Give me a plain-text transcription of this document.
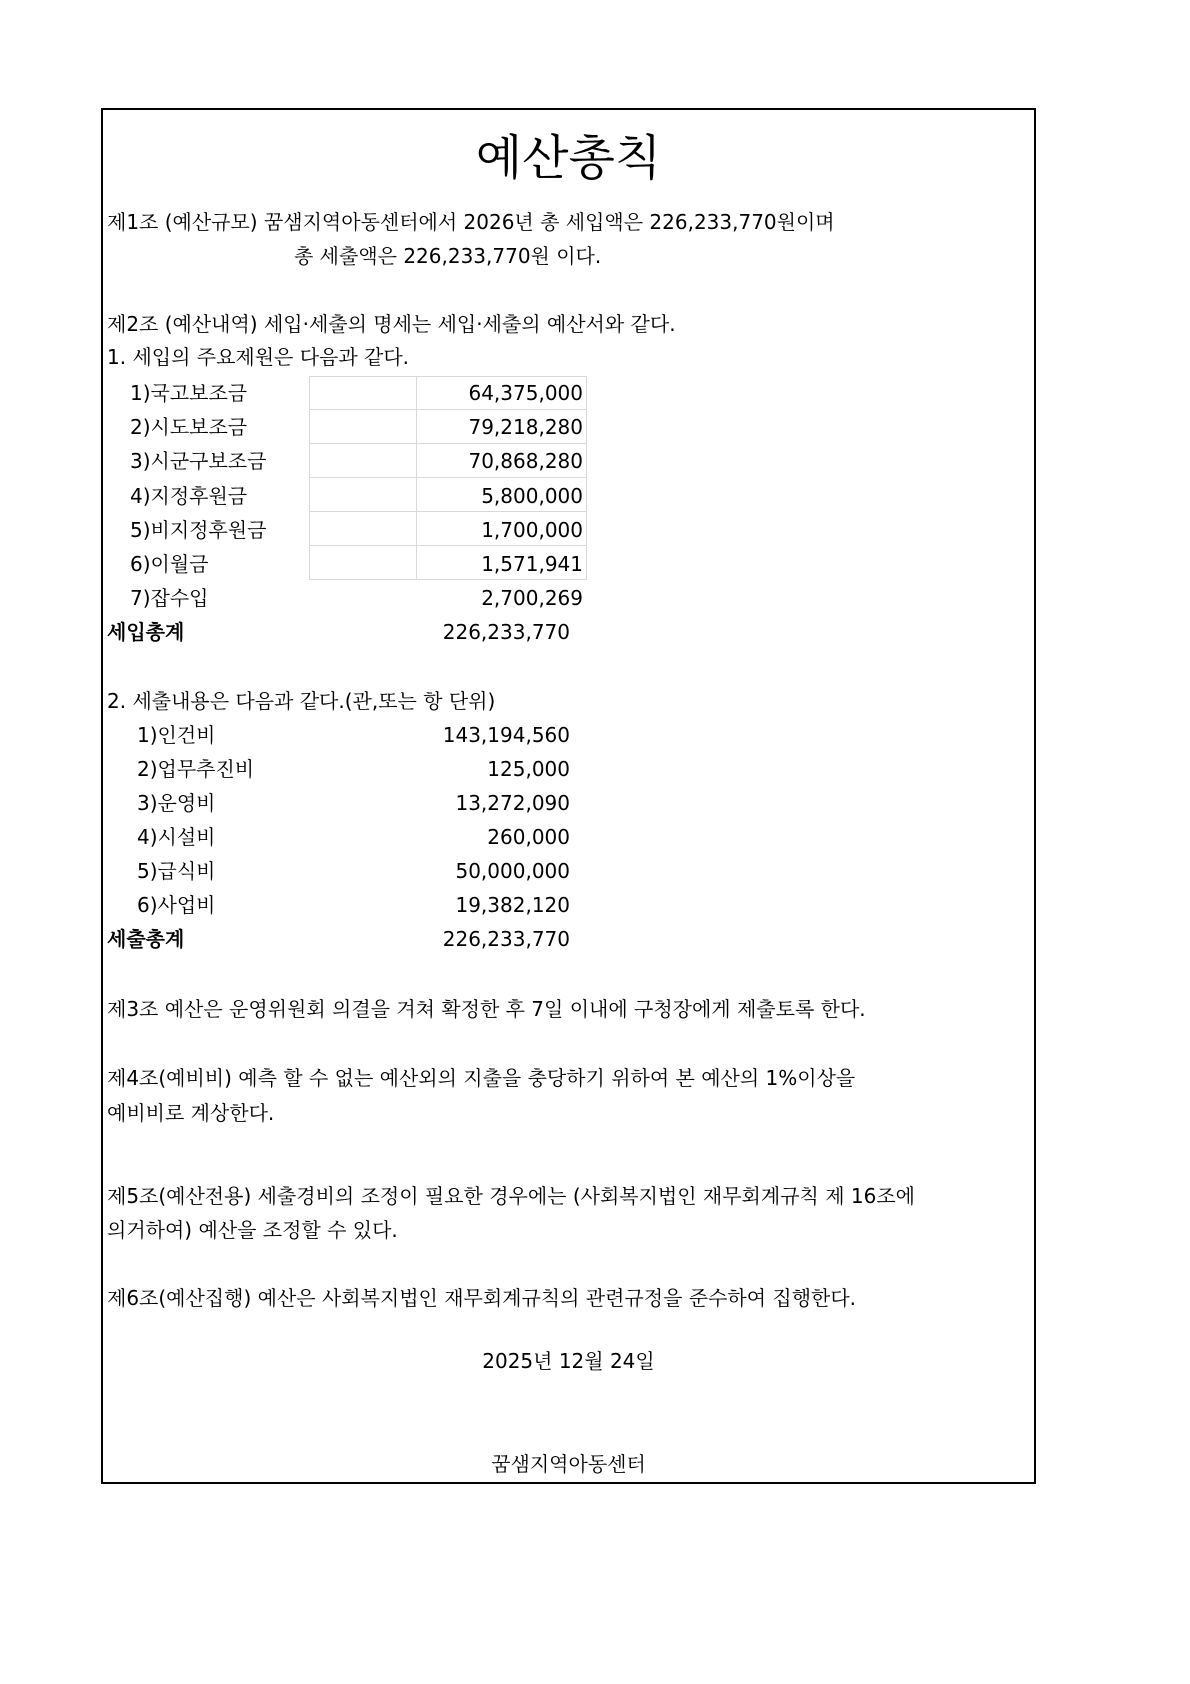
예산총칙
제1조 (예산규모) 꿈샘지역아동센터에서 2026년 총 세입액은 226,233,770원이며
총 세출액은 226,233,770원 이다.
제2조 (예산내역) 세입·세출의 명세는 세입·세출의 예산서와 같다.
1. 세입의 주요제원은 다음과 같다.
1)국고보조금	64,375,000
2)시도보조금	79,218,280
3)시군구보조금	70,868,280
4)지정후원금	5,800,000
5)비지정후원금	1,700,000
6)이월금	1,571,941
7)잡수입	2,700,269
세입총계	226,233,770
2. 세출내용은 다음과 같다.(관,또는 항 단위)
1)인건비	143,194,560
2)업무추진비	125,000
3)운영비	13,272,090
4)시설비	260,000
5)급식비	50,000,000
6)사업비	19,382,120
세출총계	226,233,770
제3조 예산은 운영위원회 의결을 겨쳐 확정한 후 7일 이내에 구청장에게 제출토록 한다.
제4조(예비비) 예측 할 수 없는 예산외의 지출을 충당하기 위하여 본 예산의 1%이상을
예비비로 계상한다.
제5조(예산전용) 세출경비의 조정이 필요한 경우에는 (사회복지법인 재무회계규칙 제 16조에
의거하여) 예산을 조정할 수 있다.
제6조(예산집행) 예산은 사회복지법인 재무회계규칙의 관련규정을 준수하여 집행한다.
2025년 12월 24일
꿈샘지역아동센터
